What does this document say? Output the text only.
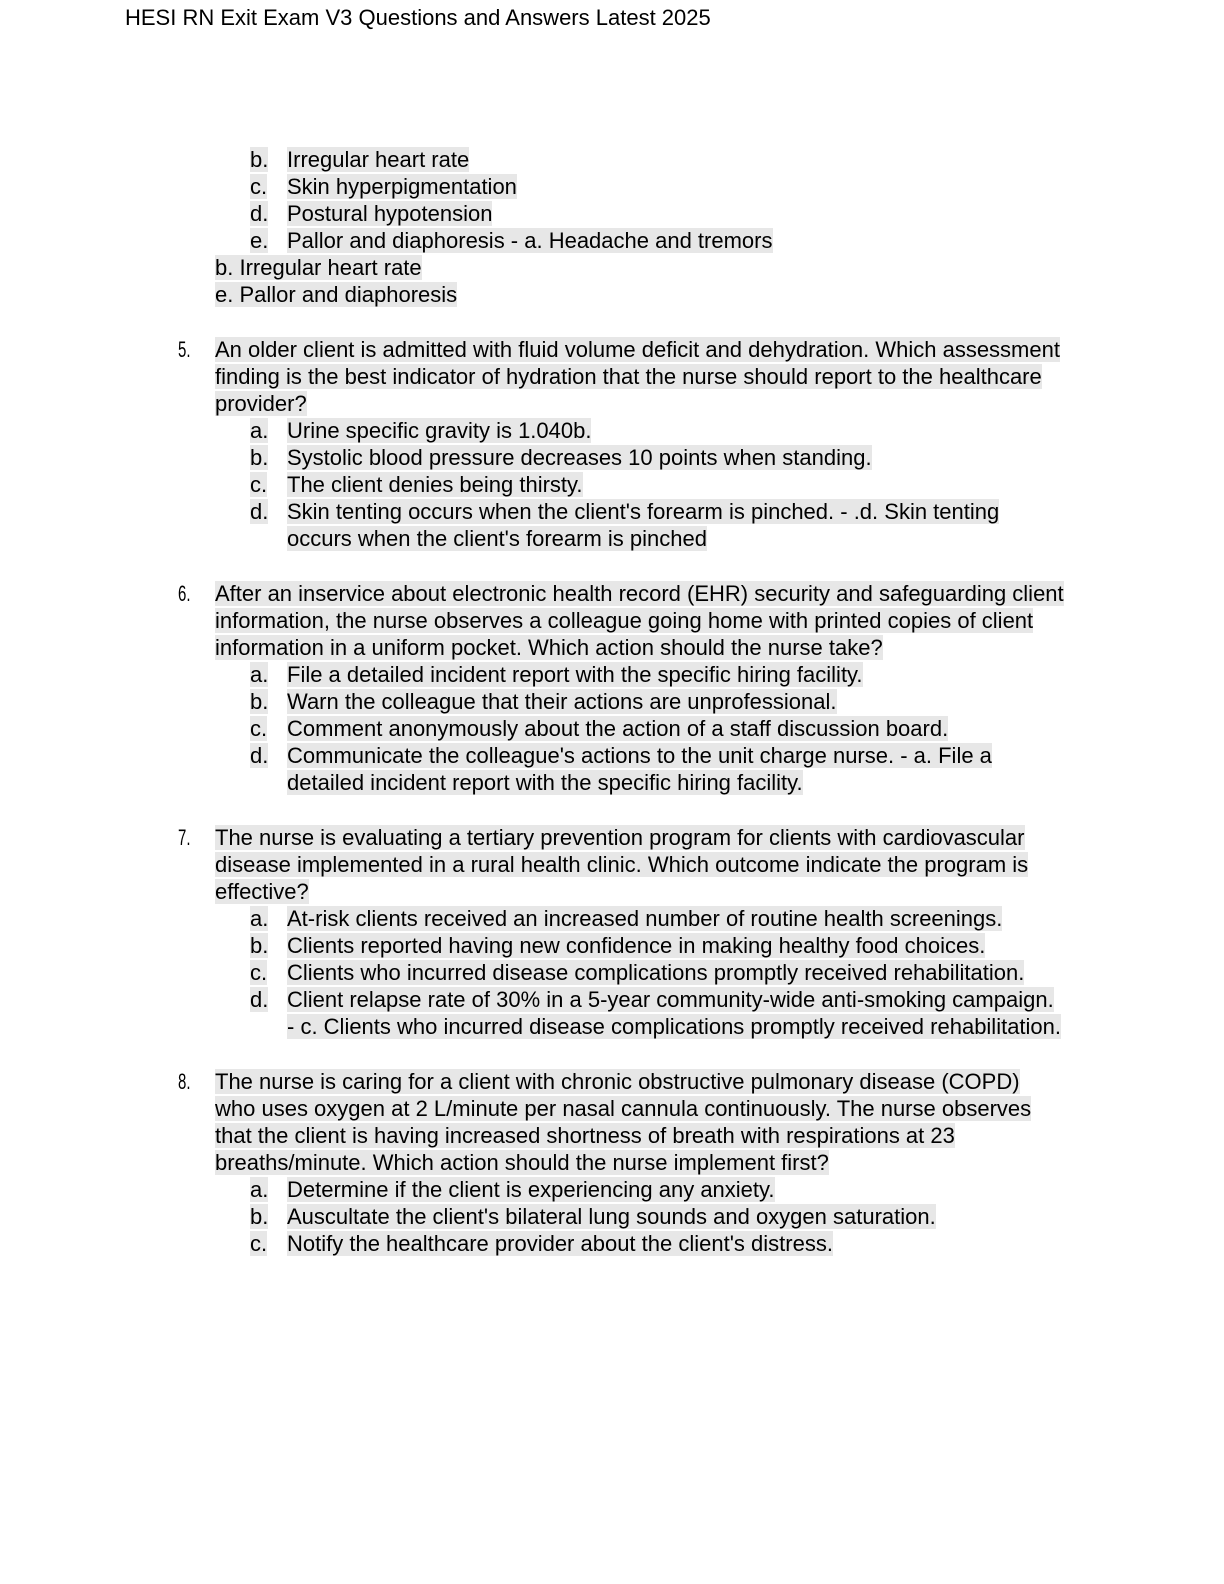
HESI RN Exit Exam V3 Questions and Answers Latest 2025
b. Irregular heart rate
c. Skin hyperpigmentation
d. Postural hypotension
e. Pallor and diaphoresis - a. Headache and tremors
b. Irregular heart rate
e. Pallor and diaphoresis
5.	An older client is admitted with fluid volume deficit and dehydration. Which assessment finding is the best indicator of hydration that the nurse should report to the healthcare provider?
a. Urine specific gravity is 1.040b.
b. Systolic blood pressure decreases 10 points when standing.
c. The client denies being thirsty.
d. Skin tenting occurs when the client's forearm is pinched. - .d. Skin tenting occurs when the client's forearm is pinched
6.	After an inservice about electronic health record (EHR) security and safeguarding client information, the nurse observes a colleague going home with printed copies of client information in a uniform pocket. Which action should the nurse take?
a. File a detailed incident report with the specific hiring facility.
b. Warn the colleague that their actions are unprofessional.
c. Comment anonymously about the action of a staff discussion board.
d. Communicate the colleague's actions to the unit charge nurse. - a. File a detailed incident report with the specific hiring facility.
7.	The nurse is evaluating a tertiary prevention program for clients with cardiovascular disease implemented in a rural health clinic. Which outcome indicate the program is effective?
a. At-risk clients received an increased number of routine health screenings.
b. Clients reported having new confidence in making healthy food choices.
c. Clients who incurred disease complications promptly received rehabilitation.
d. Client relapse rate of 30% in a 5-year community-wide anti-smoking campaign. - c. Clients who incurred disease complications promptly received rehabilitation.
8.	The nurse is caring for a client with chronic obstructive pulmonary disease (COPD) who uses oxygen at 2 L/minute per nasal cannula continuously. The nurse observes that the client is having increased shortness of breath with respirations at 23 breaths/minute. Which action should the nurse implement first?
a. Determine if the client is experiencing any anxiety.
b. Auscultate the client's bilateral lung sounds and oxygen saturation.
c. Notify the healthcare provider about the client's distress.
